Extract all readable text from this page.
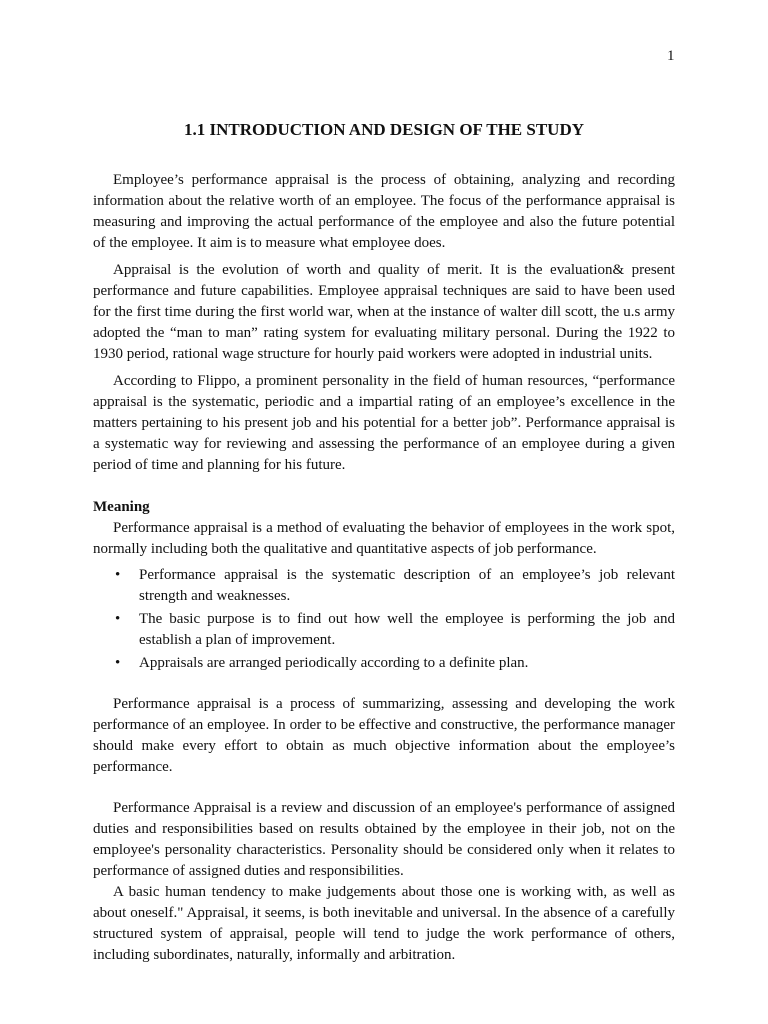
1
1.1 INTRODUCTION AND DESIGN OF THE STUDY

Employee’s performance appraisal is the process of obtaining, analyzing and recording information about the relative worth of an employee. The focus of the performance appraisal is measuring and improving the actual performance of the employee and also the future potential of the employee. It aim is to measure what employee does.

Appraisal is the evolution of worth and quality of merit. It is the evaluation& present performance and future capabilities. Employee appraisal techniques are said to have been used for the first time during the first world war, when at the instance of walter dill scott, the u.s army adopted the “man to man” rating system for evaluating military personal. During the 1922 to 1930 period, rational wage structure for hourly paid workers were adopted in industrial units.

According to Flippo, a prominent personality in the field of human resources, “performance appraisal is the systematic, periodic and a impartial rating of an employee’s excellence in the matters pertaining to his present job and his potential for a better job”. Performance appraisal is a systematic way for reviewing and assessing the performance of an employee during a given period of time and planning for his future.

Meaning

Performance appraisal is a method of evaluating the behavior of employees in the work spot, normally including both the qualitative and quantitative aspects of job performance.

• Performance appraisal is the systematic description of an employee’s job relevant strength and weaknesses.
• The basic purpose is to find out how well the employee is performing the job and establish a plan of improvement.
• Appraisals are arranged periodically according to a definite plan.

Performance appraisal is a process of summarizing, assessing and developing the work performance of an employee. In order to be effective and constructive, the performance manager should make every effort to obtain as much objective information about the employee’s performance.

Performance Appraisal is a review and discussion of an employee's performance of assigned duties and responsibilities based on results obtained by the employee in their job, not on the employee's personality characteristics. Personality should be considered only when it relates to performance of assigned duties and responsibilities.

A basic human tendency to make judgements about those one is working with, as well as about oneself." Appraisal, it seems, is both inevitable and universal. In the absence of a carefully structured system of appraisal, people will tend to judge the work performance of others, including subordinates, naturally, informally and arbitration.
